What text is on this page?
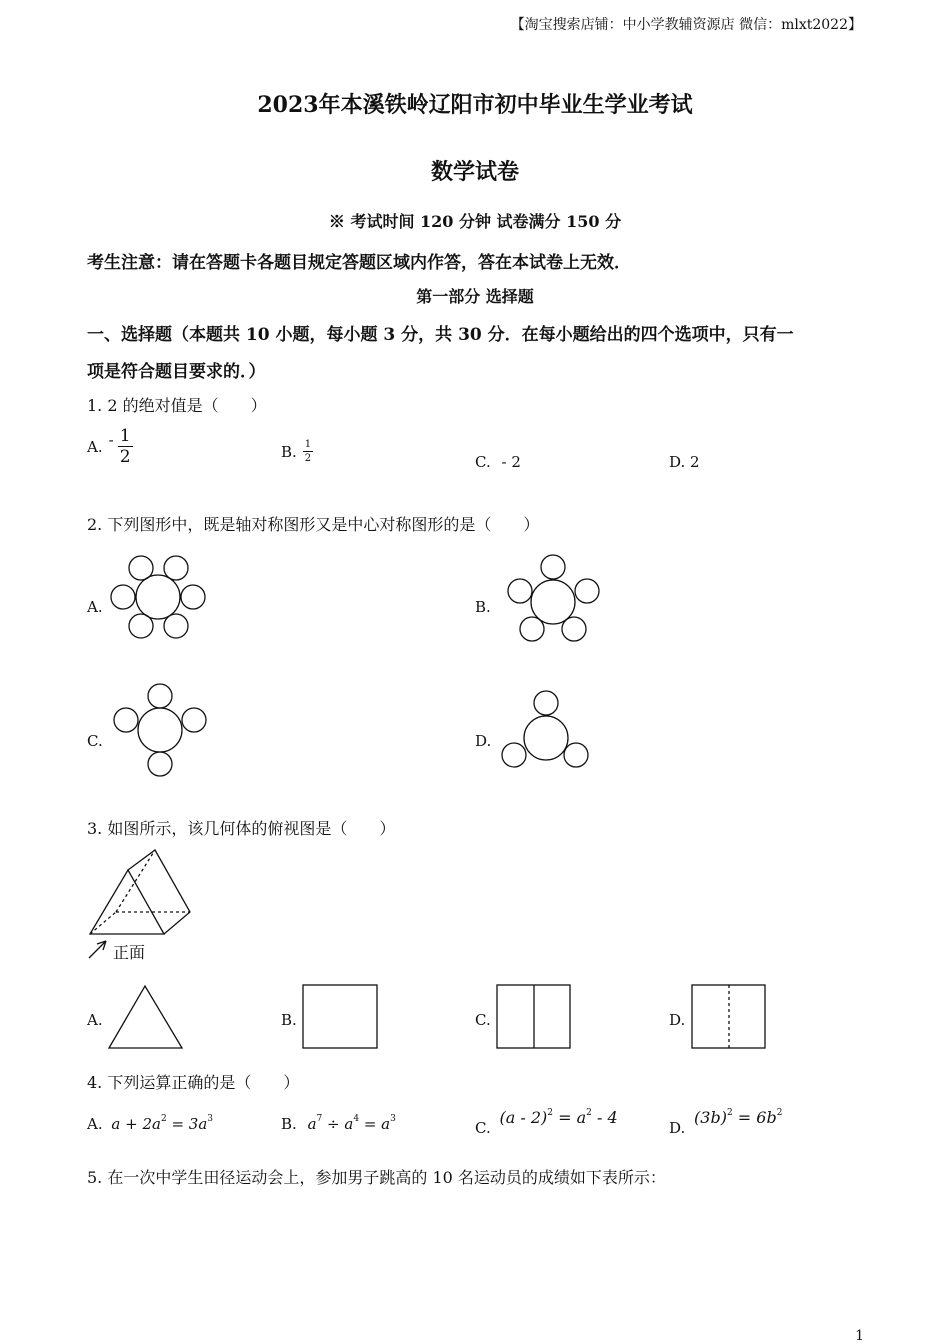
【淘宝搜索店铺：中小学教辅资源店 微信：mlxt2022】
2023年本溪铁岭辽阳市初中毕业生学业考试
数学试卷
※ 考试时间 120 分钟 试卷满分 150 分
考生注意：请在答题卡各题目规定答题区域内作答，答在本试卷上无效．
第一部分 选择题
一、选择题（本题共 10 小题，每小题 3 分，共 30 分．在每小题给出的四个选项中，只有一
项是符合题目要求的．）
1. 2 的绝对值是（　　）
A. - $\frac{1}{2}$	B. $\frac{1}{2}$	C. - 2	D. 2
2. 下列图形中，既是轴对称图形又是中心对称图形的是（　　）
A.	B.
C.	D.
3. 如图所示，该几何体的俯视图是（　　）
正面
A.	B.	C.	D.
4. 下列运算正确的是（　　）
A. $a + 2a^2 = 3a^3$	B. $a^7 \div a^4 = a^3$	C. $(a - 2)^2 = a^2 - 4$
D. $(3b)^2 = 6b^2$
5. 在一次中学生田径运动会上，参加男子跳高的 10 名运动员的成绩如下表所示：
1
